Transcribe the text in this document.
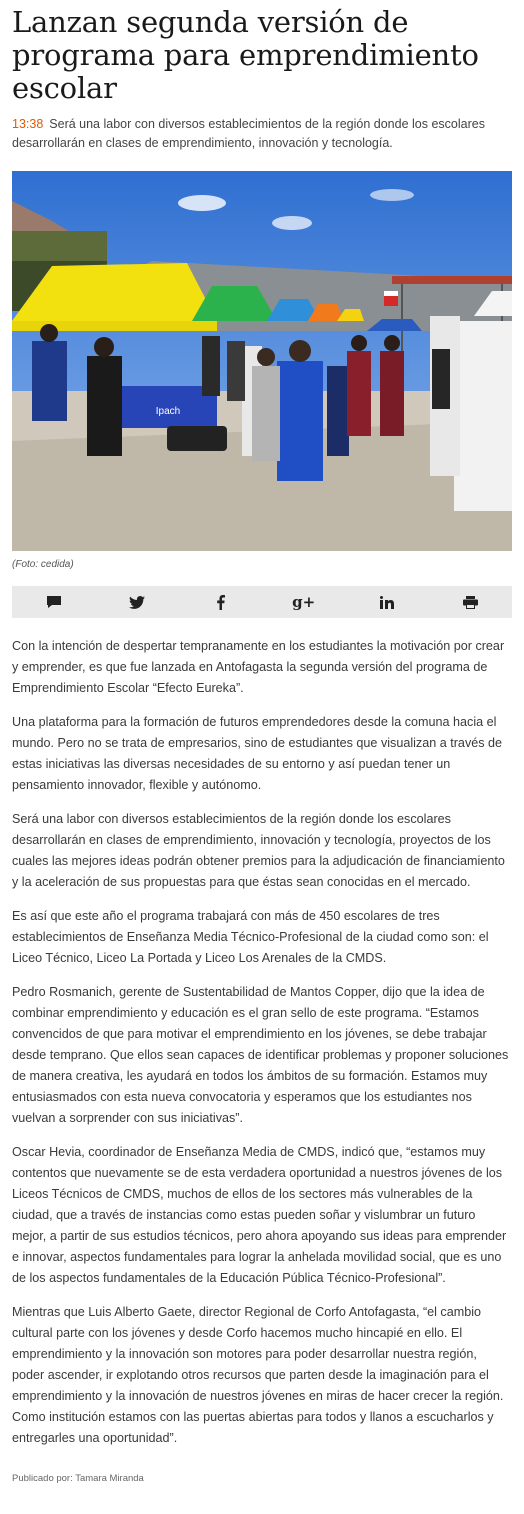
Lanzan segunda versión de programa para emprendimiento escolar

13:38 Será una labor con diversos establecimientos de la región donde los escolares desarrollarán en clases de emprendimiento, innovación y tecnología.

Ipach

(Foto: cedida)

g+

Con la intención de despertar tempranamente en los estudiantes la motivación por crear y emprender, es que fue lanzada en Antofagasta la segunda versión del programa de Emprendimiento Escolar “Efecto Eureka”.

Una plataforma para la formación de futuros emprendedores desde la comuna hacia el mundo. Pero no se trata de empresarios, sino de estudiantes que visualizan a través de estas iniciativas las diversas necesidades de su entorno y así puedan tener un pensamiento innovador, flexible y autónomo.

Será una labor con diversos establecimientos de la región donde los escolares desarrollarán en clases de emprendimiento, innovación y tecnología, proyectos de los cuales las mejores ideas podrán obtener premios para la adjudicación de financiamiento y la aceleración de sus propuestas para que éstas sean conocidas en el mercado.

Es así que este año el programa trabajará con más de 450 escolares de tres establecimientos de Enseñanza Media Técnico-Profesional de la ciudad como son: el Liceo Técnico, Liceo La Portada y Liceo Los Arenales de la CMDS.

Pedro Rosmanich, gerente de Sustentabilidad de Mantos Copper, dijo que la idea de combinar emprendimiento y educación es el gran sello de este programa. “Estamos convencidos de que para motivar el emprendimiento en los jóvenes, se debe trabajar desde temprano. Que ellos sean capaces de identificar problemas y proponer soluciones de manera creativa, les ayudará en todos los ámbitos de su formación. Estamos muy entusiasmados con esta nueva convocatoria y esperamos que los estudiantes nos vuelvan a sorprender con sus iniciativas”.

Oscar Hevia, coordinador de Enseñanza Media de CMDS, indicó que, “estamos muy contentos que nuevamente se de esta verdadera oportunidad a nuestros jóvenes de los Liceos Técnicos de CMDS, muchos de ellos de los sectores más vulnerables de la ciudad, que a través de instancias como estas pueden soñar y vislumbrar un futuro mejor, a partir de sus estudios técnicos, pero ahora apoyando sus ideas para emprender e innovar, aspectos fundamentales para lograr la anhelada movilidad social, que es uno de los aspectos fundamentales de la Educación Pública Técnico-Profesional”.

Mientras que Luis Alberto Gaete, director Regional de Corfo Antofagasta, “el cambio cultural parte con los jóvenes y desde Corfo hacemos mucho hincapié en ello. El emprendimiento y la innovación son motores para poder desarrollar nuestra región, poder ascender, ir explotando otros recursos que parten desde la imaginación para el emprendimiento y la innovación de nuestros jóvenes en miras de hacer crecer la región. Como institución estamos con las puertas abiertas para todos y llanos a escucharlos y entregarles una oportunidad”.

Publicado por: Tamara Miranda
